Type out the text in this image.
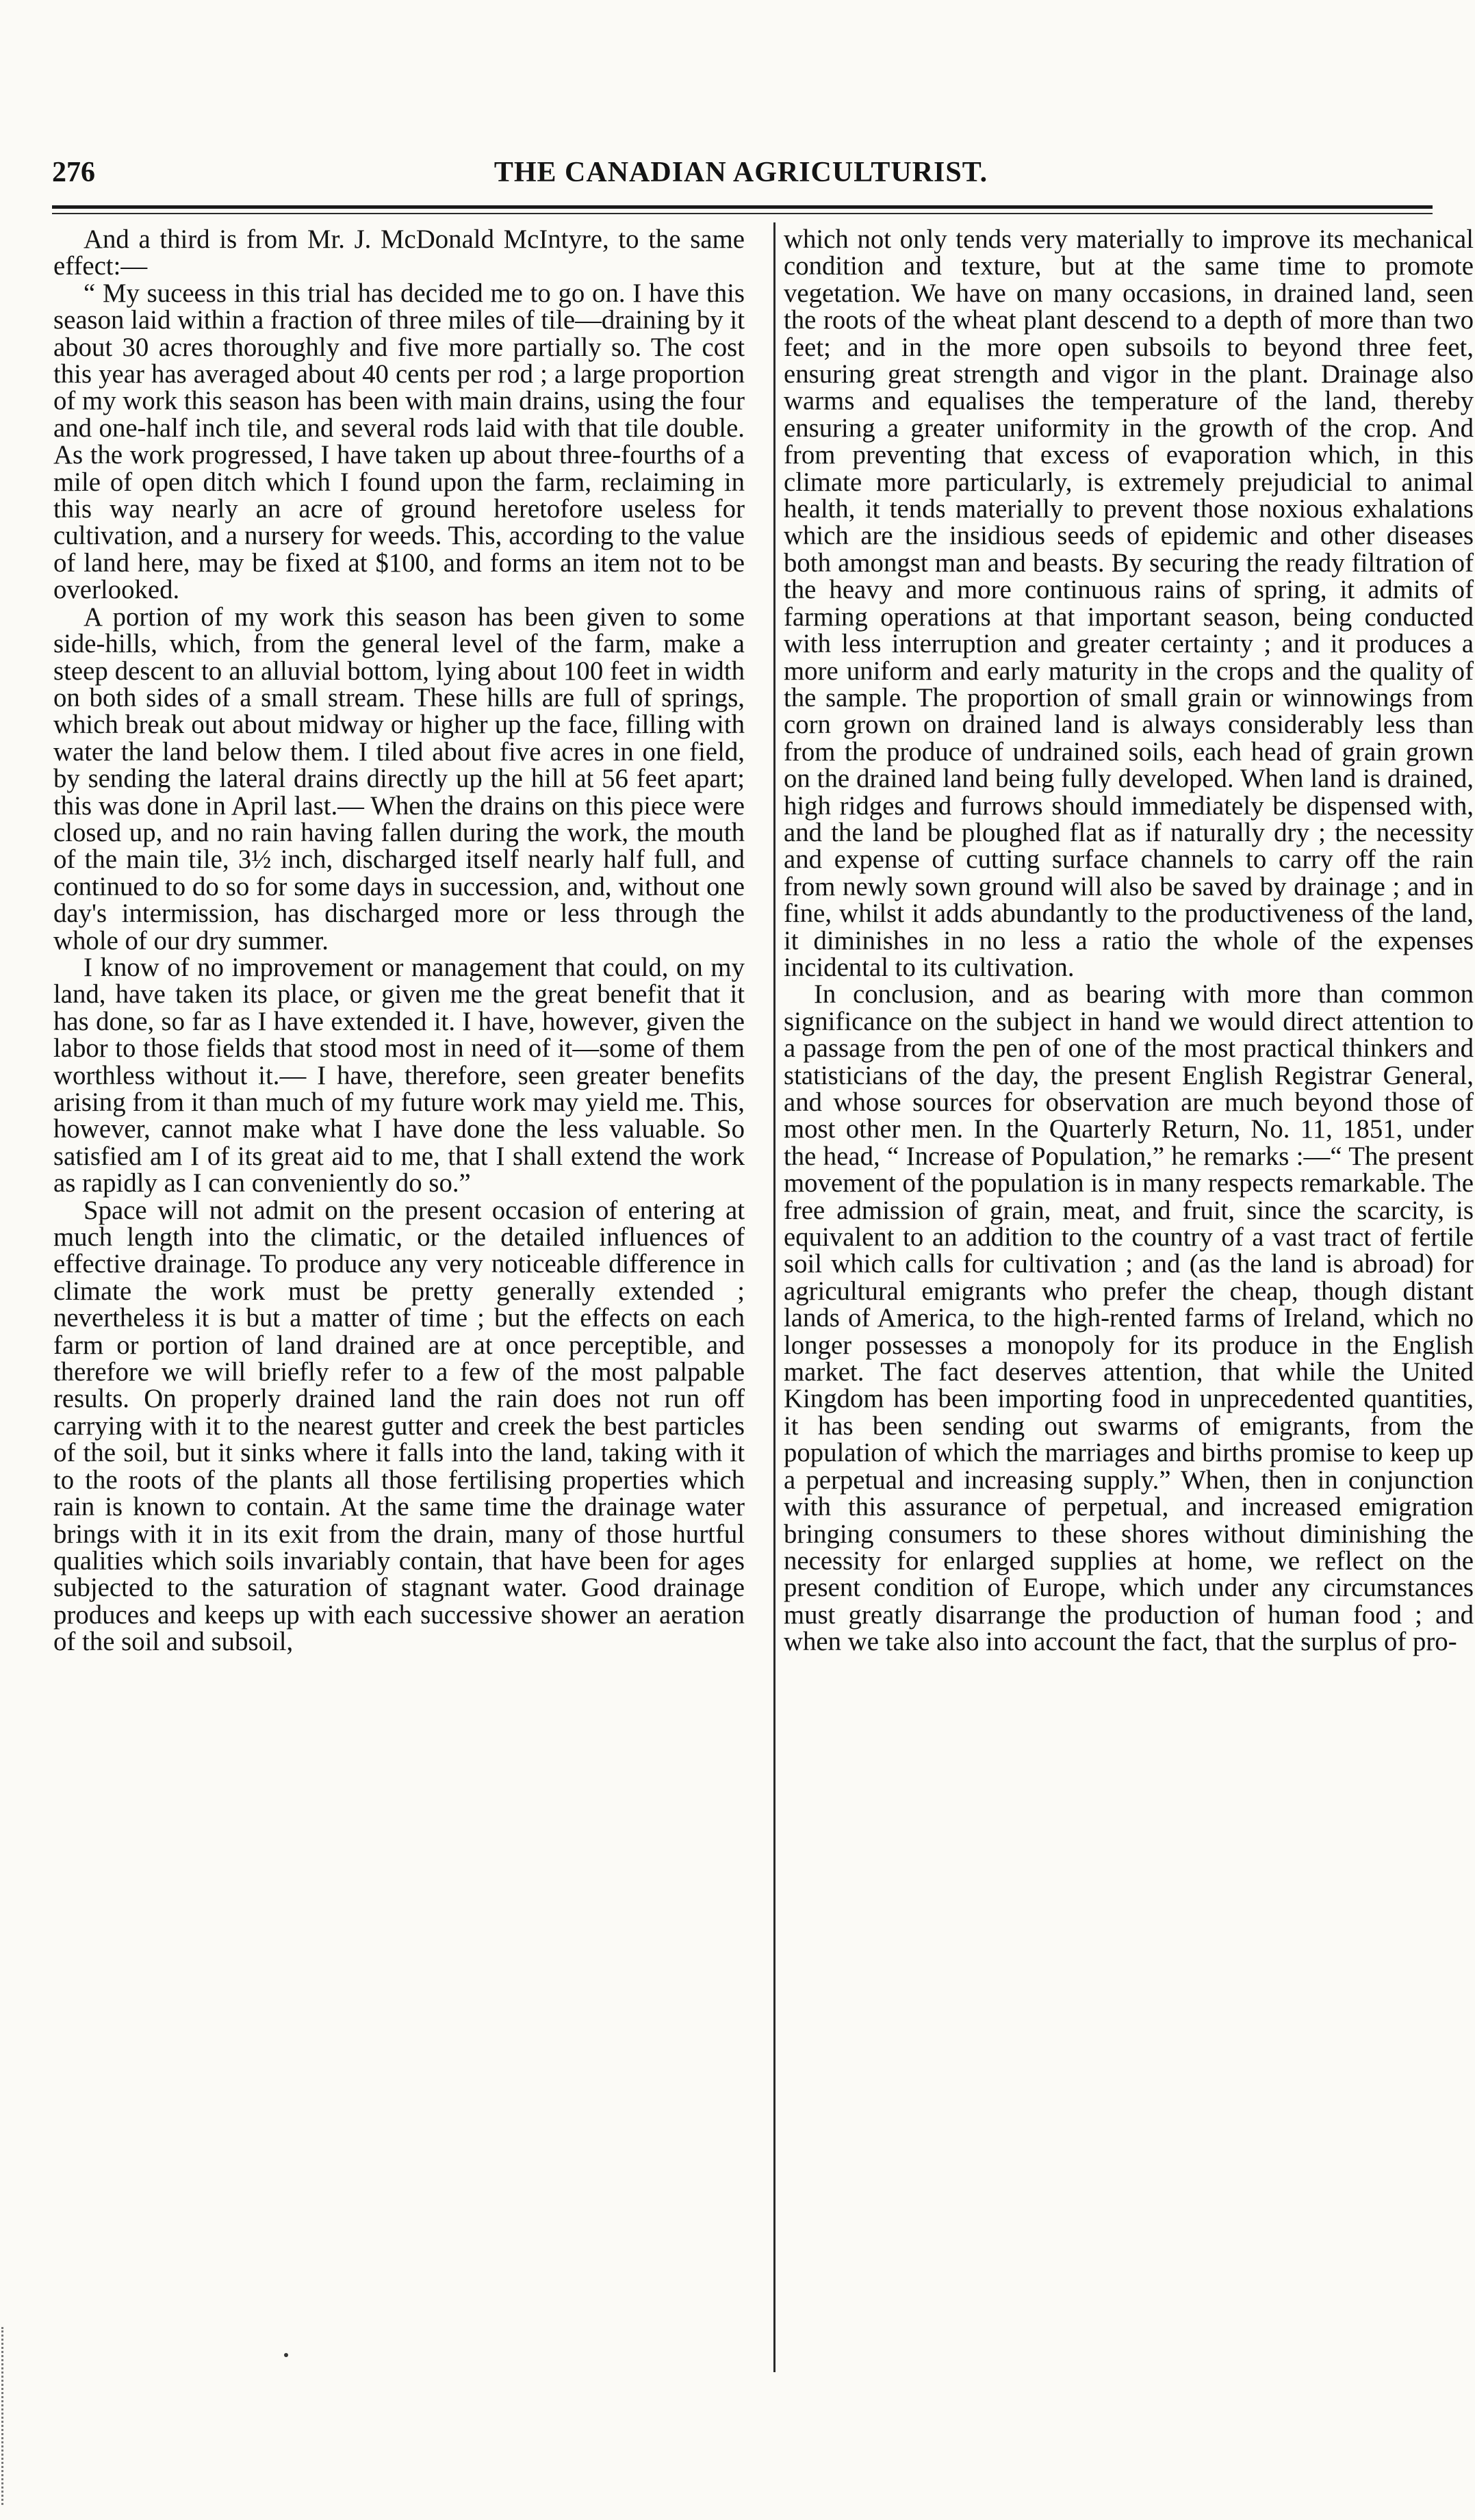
276	THE CANADIAN AGRICULTURIST.

And a third is from Mr. J. McDonald McIntyre, to the same effect:—

“ My suceess in this trial has decided me to go on. I have this season laid within a fraction of three miles of tile—draining by it about 30 acres thoroughly and five more partially so. The cost this year has averaged about 40 cents per rod ; a large proportion of my work this season has been with main drains, using the four and one-half inch tile, and several rods laid with that tile double. As the work progressed, I have taken up about three-fourths of a mile of open ditch which I found upon the farm, reclaiming in this way nearly an acre of ground heretofore useless for cultivation, and a nursery for weeds. This, according to the value of land here, may be fixed at $100, and forms an item not to be overlooked.

A portion of my work this season has been given to some side-hills, which, from the general level of the farm, make a steep descent to an alluvial bottom, lying about 100 feet in width on both sides of a small stream. These hills are full of springs, which break out about midway or higher up the face, filling with water the land below them. I tiled about five acres in one field, by sending the lateral drains directly up the hill at 56 feet apart; this was done in April last.— When the drains on this piece were closed up, and no rain having fallen during the work, the mouth of the main tile, 3½ inch, discharged itself nearly half full, and continued to do so for some days in succession, and, without one day's intermission, has discharged more or less through the whole of our dry summer.

I know of no improvement or management that could, on my land, have taken its place, or given me the great benefit that it has done, so far as I have extended it. I have, however, given the labor to those fields that stood most in need of it—some of them worthless without it.— I have, therefore, seen greater benefits arising from it than much of my future work may yield me. This, however, cannot make what I have done the less valuable. So satisfied am I of its great aid to me, that I shall extend the work as rapidly as I can conveniently do so.”

Space will not admit on the present occasion of entering at much length into the climatic, or the detailed influences of effective drainage. To produce any very noticeable difference in climate the work must be pretty generally extended ; nevertheless it is but a matter of time ; but the effects on each farm or portion of land drained are at once perceptible, and therefore we will briefly refer to a few of the most palpable results. On properly drained land the rain does not run off carrying with it to the nearest gutter and creek the best particles of the soil, but it sinks where it falls into the land, taking with it to the roots of the plants all those fertilising properties which rain is known to contain. At the same time the drainage water brings with it in its exit from the drain, many of those hurtful qualities which soils invariably contain, that have been for ages subjected to the saturation of stagnant water. Good drainage produces and keeps up with each successive shower an aeration of the soil and subsoil,

which not only tends very materially to improve its mechanical condition and texture, but at the same time to promote vegetation. We have on many occasions, in drained land, seen the roots of the wheat plant descend to a depth of more than two feet; and in the more open subsoils to beyond three feet, ensuring great strength and vigor in the plant. Drainage also warms and equalises the temperature of the land, thereby ensuring a greater uniformity in the growth of the crop. And from preventing that excess of evaporation which, in this climate more particularly, is extremely prejudicial to animal health, it tends materially to prevent those noxious exhalations which are the insidious seeds of epidemic and other diseases both amongst man and beasts. By securing the ready filtration of the heavy and more continuous rains of spring, it admits of farming operations at that important season, being conducted with less interruption and greater certainty ; and it produces a more uniform and early maturity in the crops and the quality of the sample. The proportion of small grain or winnowings from corn grown on drained land is always considerably less than from the produce of undrained soils, each head of grain grown on the drained land being fully developed. When land is drained, high ridges and furrows should immediately be dispensed with, and the land be ploughed flat as if naturally dry ; the necessity and expense of cutting surface channels to carry off the rain from newly sown ground will also be saved by drainage ; and in fine, whilst it adds abundantly to the productiveness of the land, it diminishes in no less a ratio the whole of the expenses incidental to its cultivation.

In conclusion, and as bearing with more than common significance on the subject in hand we would direct attention to a passage from the pen of one of the most practical thinkers and statisticians of the day, the present English Registrar General, and whose sources for observation are much beyond those of most other men. In the Quarterly Return, No. 11, 1851, under the head, “ Increase of Population,” he remarks :—“ The present movement of the population is in many respects remarkable. The free admission of grain, meat, and fruit, since the scarcity, is equivalent to an addition to the country of a vast tract of fertile soil which calls for cultivation ; and (as the land is abroad) for agricultural emigrants who prefer the cheap, though distant lands of America, to the high-rented farms of Ireland, which no longer possesses a monopoly for its produce in the English market. The fact deserves attention, that while the United Kingdom has been importing food in unprecedented quantities, it has been sending out swarms of emigrants, from the population of which the marriages and births promise to keep up a perpetual and increasing supply.” When, then in conjunction with this assurance of perpetual, and increased emigration bringing consumers to these shores without diminishing the necessity for enlarged supplies at home, we reflect on the present condition of Europe, which under any circumstances must greatly disarrange the production of human food ; and when we take also into account the fact, that the surplus of pro-
